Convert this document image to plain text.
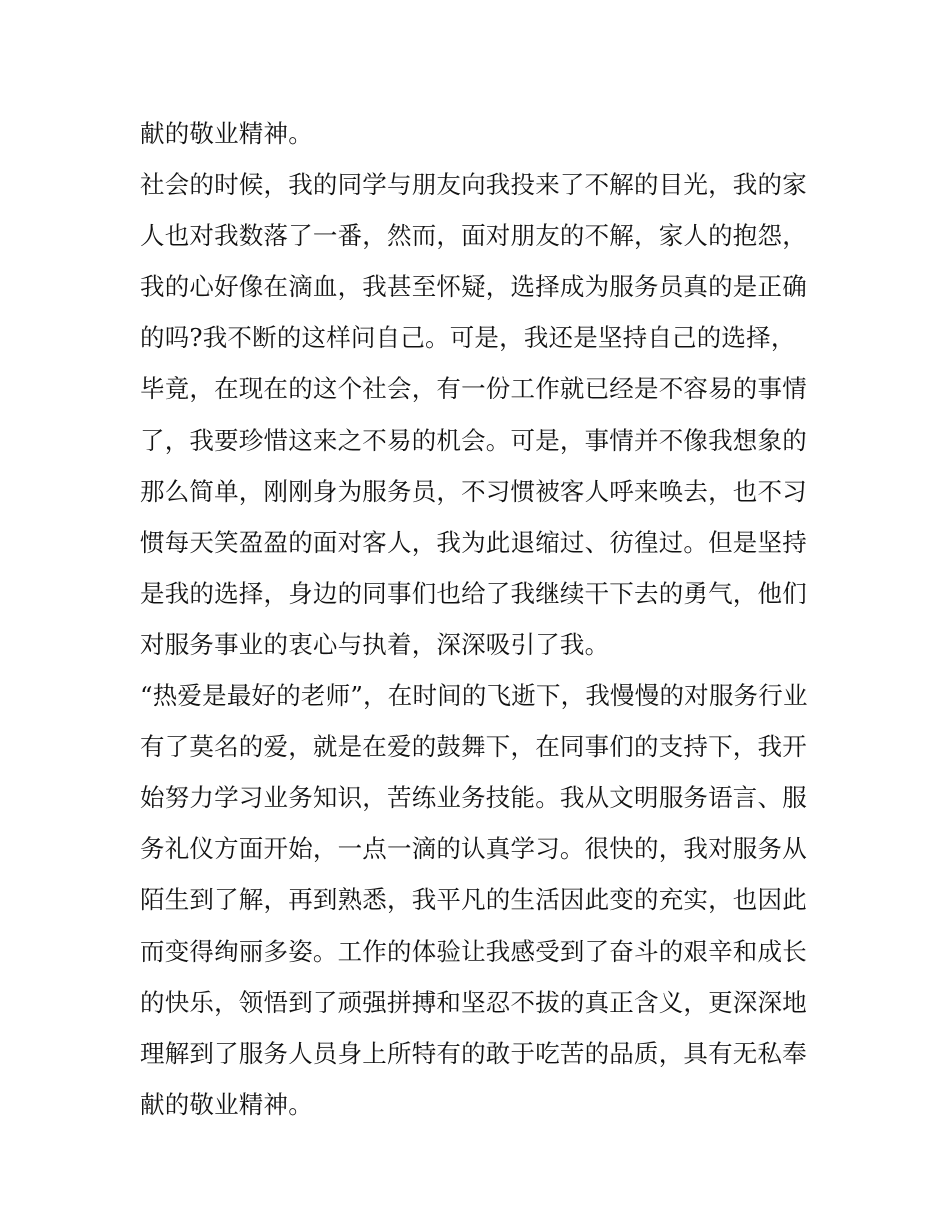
献的敬业精神。
社会的时候，我的同学与朋友向我投来了不解的目光，我的家
人也对我数落了一番，然而，面对朋友的不解，家人的抱怨，
我的心好像在滴血，我甚至怀疑，选择成为服务员真的是正确
的吗?我不断的这样问自己。可是，我还是坚持自己的选择，
毕竟，在现在的这个社会，有一份工作就已经是不容易的事情
了，我要珍惜这来之不易的机会。可是，事情并不像我想象的
那么简单，刚刚身为服务员，不习惯被客人呼来唤去，也不习
惯每天笑盈盈的面对客人，我为此退缩过、彷徨过。但是坚持
是我的选择，身边的同事们也给了我继续干下去的勇气，他们
对服务事业的衷心与执着，深深吸引了我。
“热爱是最好的老师”，在时间的飞逝下，我慢慢的对服务行业
有了莫名的爱，就是在爱的鼓舞下，在同事们的支持下，我开
始努力学习业务知识，苦练业务技能。我从文明服务语言、服
务礼仪方面开始，一点一滴的认真学习。很快的，我对服务从
陌生到了解，再到熟悉，我平凡的生活因此变的充实，也因此
而变得绚丽多姿。工作的体验让我感受到了奋斗的艰辛和成长
的快乐，领悟到了顽强拼搏和坚忍不拔的真正含义，更深深地
理解到了服务人员身上所特有的敢于吃苦的品质，具有无私奉
献的敬业精神。
